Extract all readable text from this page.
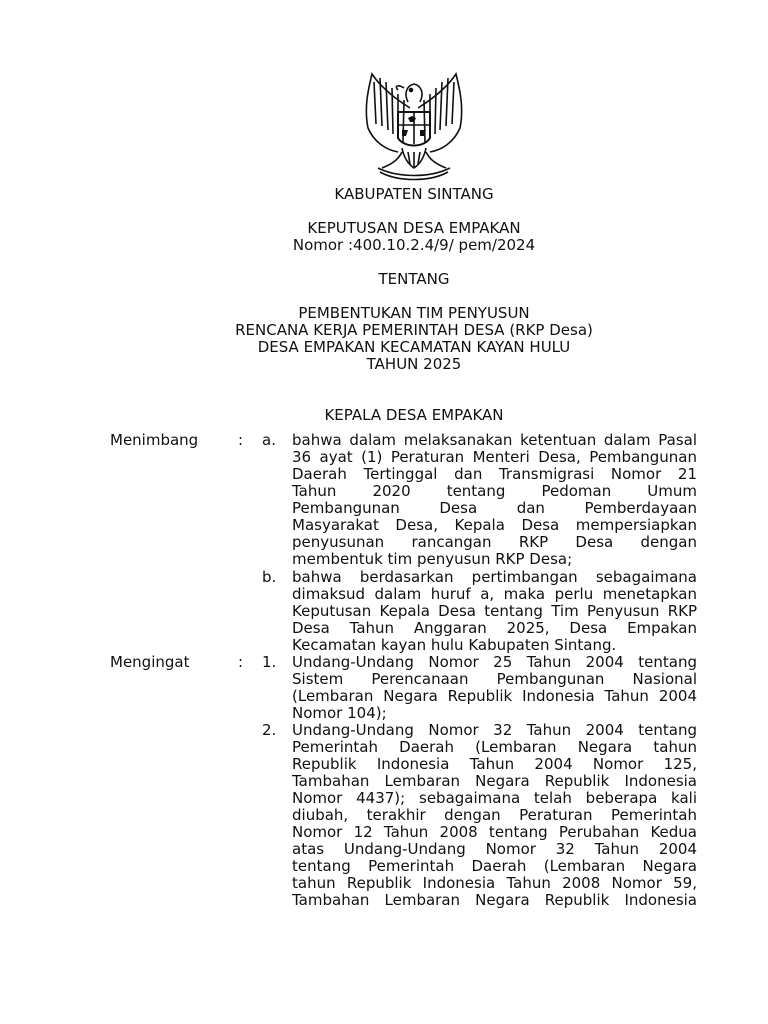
KABUPATEN SINTANG
KEPUTUSAN DESA EMPAKAN
Nomor :400.10.2.4/9/ pem/2024
TENTANG
PEMBENTUKAN TIM PENYUSUN
RENCANA KERJA PEMERINTAH DESA (RKP Desa)
DESA EMPAKAN KECAMATAN KAYAN HULU
TAHUN 2025
KEPALA DESA EMPAKAN
Menimbang	: a. bahwa dalam melaksanakan ketentuan dalam Pasal
36 ayat (1) Peraturan Menteri Desa, Pembangunan
Daerah Tertinggal dan Transmigrasi Nomor 21
Tahun 2020 tentang Pedoman Umum
Pembangunan Desa dan Pemberdayaan
Masyarakat Desa, Kepala Desa mempersiapkan
penyusunan rancangan RKP Desa dengan
membentuk tim penyusun RKP Desa;
b. bahwa berdasarkan pertimbangan sebagaimana
dimaksud dalam huruf a, maka perlu menetapkan
Keputusan Kepala Desa tentang Tim Penyusun RKP
Desa Tahun Anggaran 2025, Desa Empakan
Kecamatan kayan hulu Kabupaten Sintang.
Mengingat	: 1. Undang-Undang Nomor 25 Tahun 2004 tentang
Sistem Perencanaan Pembangunan Nasional
(Lembaran Negara Republik Indonesia Tahun 2004
Nomor 104);
2. Undang-Undang Nomor 32 Tahun 2004 tentang
Pemerintah Daerah (Lembaran Negara tahun
Republik Indonesia Tahun 2004 Nomor 125,
Tambahan Lembaran Negara Republik Indonesia
Nomor 4437); sebagaimana telah beberapa kali
diubah, terakhir dengan Peraturan Pemerintah
Nomor 12 Tahun 2008 tentang Perubahan Kedua
atas Undang-Undang Nomor 32 Tahun 2004
tentang Pemerintah Daerah (Lembaran Negara
tahun Republik Indonesia Tahun 2008 Nomor 59,
Tambahan Lembaran Negara Republik Indonesia
